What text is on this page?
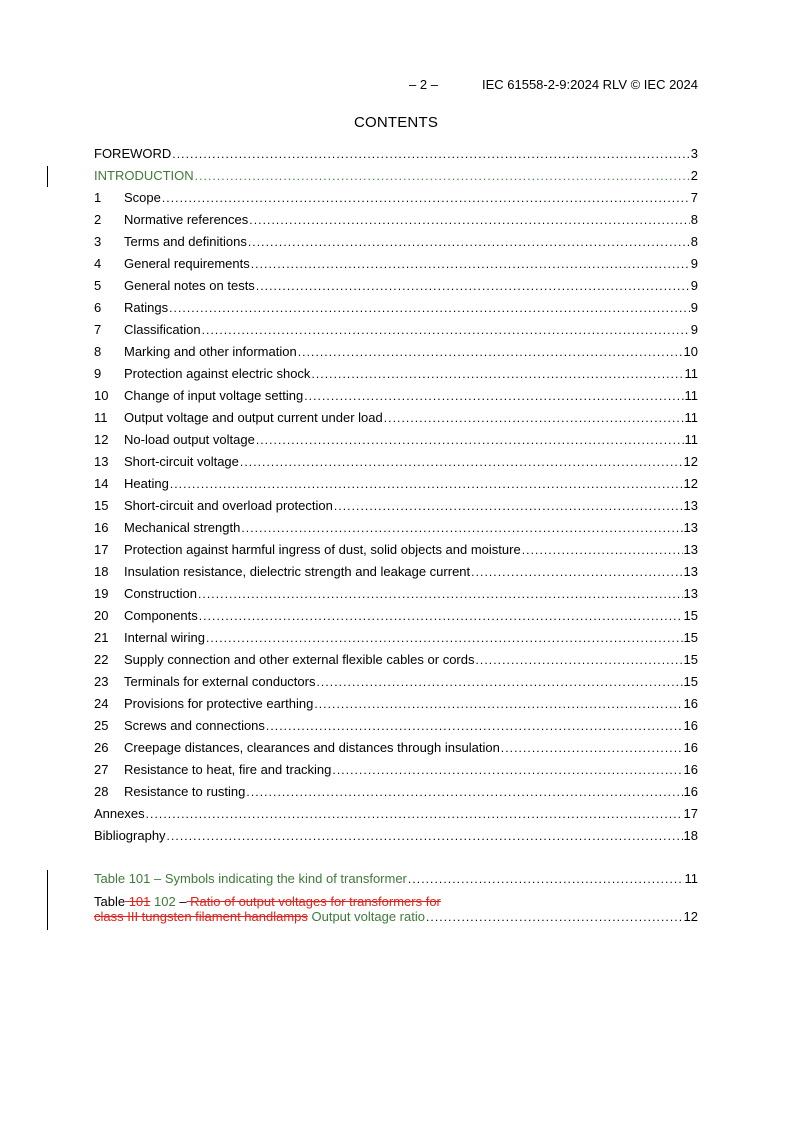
– 2 –	IEC 61558-2-9:2024 RLV © IEC 2024
CONTENTS
FOREWORD .....	3
INTRODUCTION .....	2
1	Scope .....	7
2	Normative references .....	8
3	Terms and definitions .....	8
4	General requirements .....	9
5	General notes on tests .....	9
6	Ratings .....	9
7	Classification .....	9
8	Marking and other information .....	10
9	Protection against electric shock .....	11
10	Change of input voltage setting .....	11
11	Output voltage and output current under load .....	11
12	No-load output voltage .....	11
13	Short-circuit voltage .....	12
14	Heating .....	12
15	Short-circuit and overload protection .....	13
16	Mechanical strength .....	13
17	Protection against harmful ingress of dust, solid objects and moisture .....	13
18	Insulation resistance, dielectric strength and leakage current .....	13
19	Construction .....	13
20	Components .....	15
21	Internal wiring .....	15
22	Supply connection and other external flexible cables or cords .....	15
23	Terminals for external conductors .....	15
24	Provisions for protective earthing .....	16
25	Screws and connections .....	16
26	Creepage distances, clearances and distances through insulation .....	16
27	Resistance to heat, fire and tracking .....	16
28	Resistance to rusting .....	16
Annexes .....	17
Bibliography .....	18
Table 101 – Symbols indicating the kind of transformer .....	11
Table 101 102 – Ratio of output voltages for transformers for
class III tungsten filament handlamps Output voltage ratio .....	12
